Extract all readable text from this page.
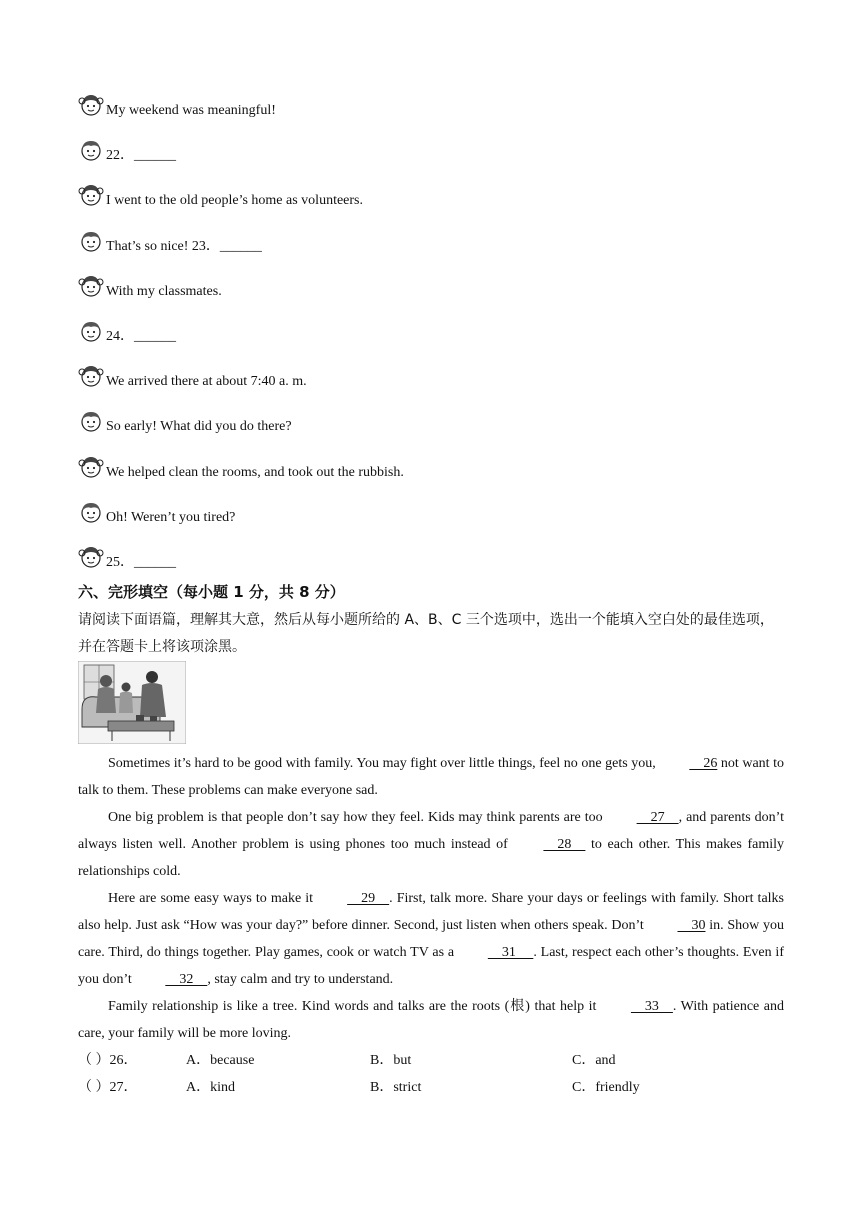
My weekend was meaningful!
22．______
I went to the old people’s home as volunteers.
That’s so nice! 23．______
With my classmates.
24．______
We arrived there at about 7:40 a. m.
So early! What did you do there?
We helped clean the rooms, and took out the rubbish.
Oh! Weren’t you tired?
25．______
六、完形填空（每小题 1 分，共 8 分）
请阅读下面语篇，理解其大意，然后从每小题所给的 A、B、C 三个选项中，选出一个能填入空白处的最佳选项，并在答题卡上将该项涂黑。

Sometimes it’s hard to be good with family. You may fight over little things, feel no one gets you,     26 not want to talk to them. These problems can make everyone sad.

One big problem is that people don’t say how they feel. Kids may think parents are too     27    , and parents don’t always listen well. Another problem is using phones too much instead of     28     to each other. This makes family relationships cold.

Here are some easy ways to make it     29    . First, talk more. Share your days or feelings with family. Short talks also help. Just ask “How was your day?” before dinner. Second, just listen when others speak. Don’t     30 in. Show you care. Third, do things together. Play games, cook or watch TV as a     31     . Last, respect each other’s thoughts. Even if you don’t     32    , stay calm and try to understand.

Family relationship is like a tree. Kind words and talks are the roots (根) that help it     33    . With patience and care, your family will be more loving.

（ ）26．	A．because	B．but	C．and
（ ）27．	A．kind	B．strict	C．friendly
